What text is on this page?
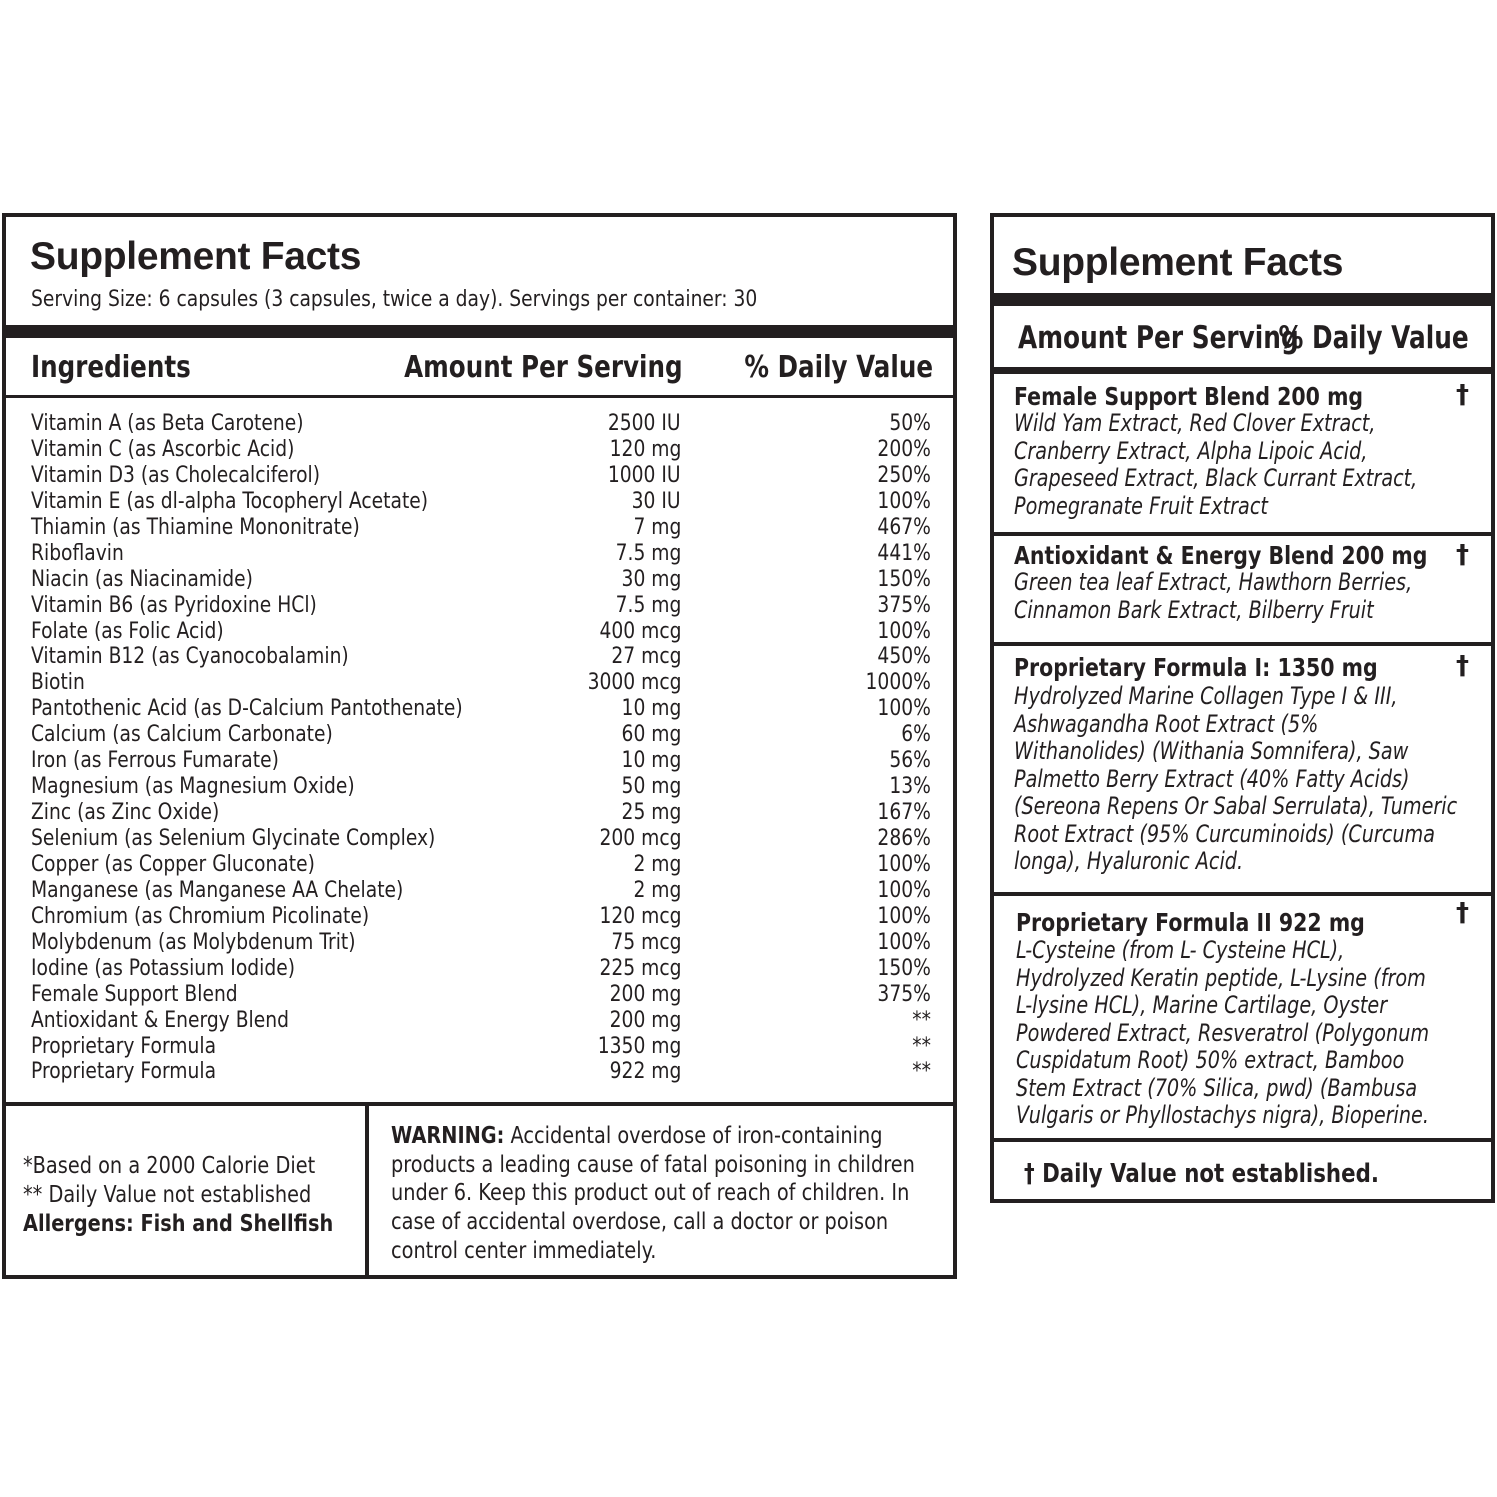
Supplement Facts
Serving Size: 6 capsules (3 capsules, twice a day). Servings per container: 30
Ingredients	Amount Per Serving % Daily Value
Vitamin A (as Beta Carotene)	2500 IU	50%
Vitamin C (as Ascorbic Acid)	120 mg	200%
Vitamin D3 (as Cholecalciferol)	1000 IU	250%
Vitamin E (as dl-alpha Tocopheryl Acetate)	30 IU	100%
Thiamin (as Thiamine Mononitrate)	7 mg	467%
Riboflavin	7.5 mg	441%
Niacin (as Niacinamide)	30 mg	150%
Vitamin B6 (as Pyridoxine HCl)	7.5 mg	375%
Folate (as Folic Acid)	400 mcg	100%
Vitamin B12 (as Cyanocobalamin)	27 mcg	450%
Biotin	3000 mcg	1000%
Pantothenic Acid (as D-Calcium Pantothenate)	10 mg	100%
Calcium (as Calcium Carbonate)	60 mg	6%
Iron (as Ferrous Fumarate)	10 mg	56%
Magnesium (as Magnesium Oxide)	50 mg	13%
Zinc (as Zinc Oxide)	25 mg	167%
Selenium (as Selenium Glycinate Complex)	200 mcg	286%
Copper (as Copper Gluconate)	2 mg	100%
Manganese (as Manganese AA Chelate)	2 mg	100%
Chromium (as Chromium Picolinate)	120 mcg	100%
Molybdenum (as Molybdenum Trit)	75 mcg	100%
Iodine (as Potassium Iodide)	225 mcg	150%
Female Support Blend	200 mg	375%
Antioxidant & Energy Blend	200 mg	**
Proprietary Formula	1350 mg	**
Proprietary Formula	922 mg	**
*Based on a 2000 Calorie Diet
** Daily Value not established
Allergens: Fish and Shellfish
WARNING: Accidental overdose of iron-containing
products a leading cause of fatal poisoning in children
under 6. Keep this product out of reach of children. In
case of accidental overdose, call a doctor or poison
control center immediately.
Supplement Facts
Amount Per Serving
% Daily Value
Female Support Blend 200 mg	†
Wild Yam Extract, Red Clover Extract,
Cranberry Extract, Alpha Lipoic Acid,
Grapeseed Extract, Black Currant Extract,
Pomegranate Fruit Extract
Antioxidant & Energy Blend 200 mg †
Green tea leaf Extract, Hawthorn Berries,
Cinnamon Bark Extract, Bilberry Fruit
Proprietary Formula I: 1350 mg	†
Hydrolyzed Marine Collagen Type I & III,
Ashwagandha Root Extract (5%
Withanolides) (Withania Somnifera), Saw
Palmetto Berry Extract (40% Fatty Acids)
(Sereona Repens Or Sabal Serrulata), Tumeric
Root Extract (95% Curcuminoids) (Curcuma
longa), Hyaluronic Acid.
Proprietary Formula II 922 mg	†
L-Cysteine (from L- Cysteine HCL),
Hydrolyzed Keratin peptide, L-Lysine (from
L-lysine HCL), Marine Cartilage, Oyster
Powdered Extract, Resveratrol (Polygonum
Cuspidatum Root) 50% extract, Bamboo
Stem Extract (70% Silica, pwd) (Bambusa
Vulgaris or Phyllostachys nigra), Bioperine.
† Daily Value not established.
